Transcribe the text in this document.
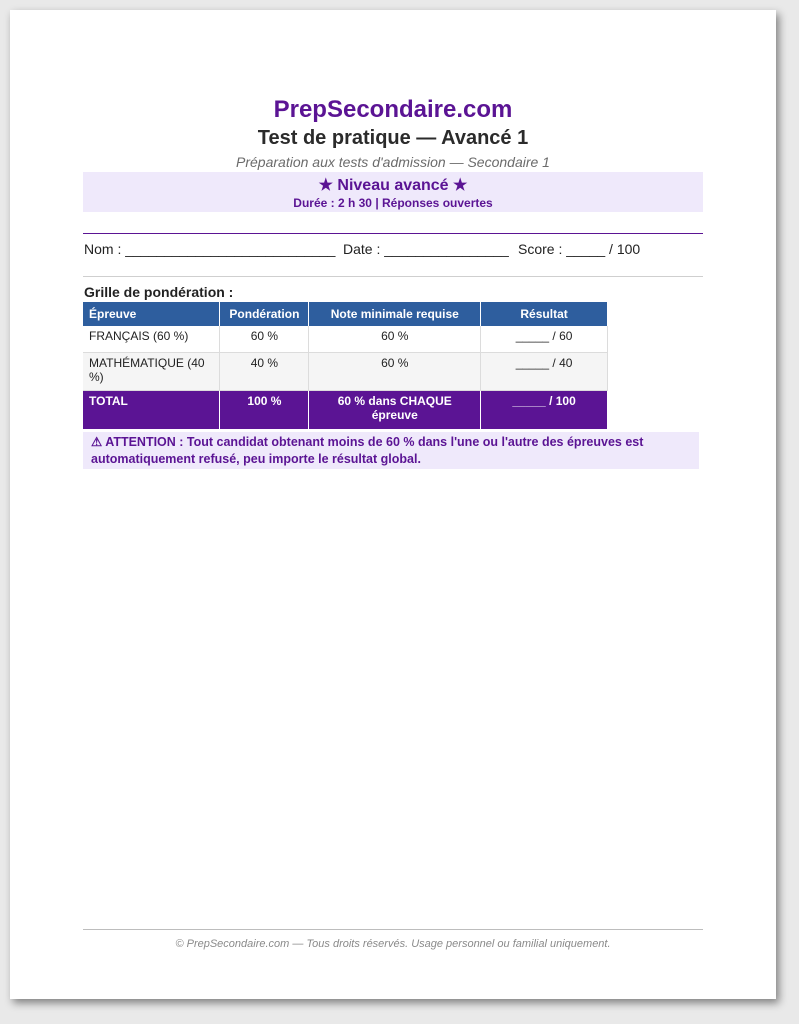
PrepSecondaire.com
Test de pratique — Avancé 1
Préparation aux tests d'admission — Secondaire 1
★ Niveau avancé ★
Durée : 2 h 30 | Réponses ouvertes
Nom : ___________________________ Date : ________________ Score : _____ / 100
Grille de pondération :
Épreuve	Pondération	Note minimale requise	Résultat
FRANÇAIS (60 %)	60 %	60 %	_____ / 60
MATHÉMATIQUE (40 %)	40 %	60 %	_____ / 40
TOTAL	100 %	60 % dans CHAQUE épreuve	_____ / 100
⚠ ATTENTION : Tout candidat obtenant moins de 60 % dans l'une ou l'autre des épreuves est automatiquement refusé, peu importe le résultat global.
© PrepSecondaire.com — Tous droits réservés. Usage personnel ou familial uniquement.
